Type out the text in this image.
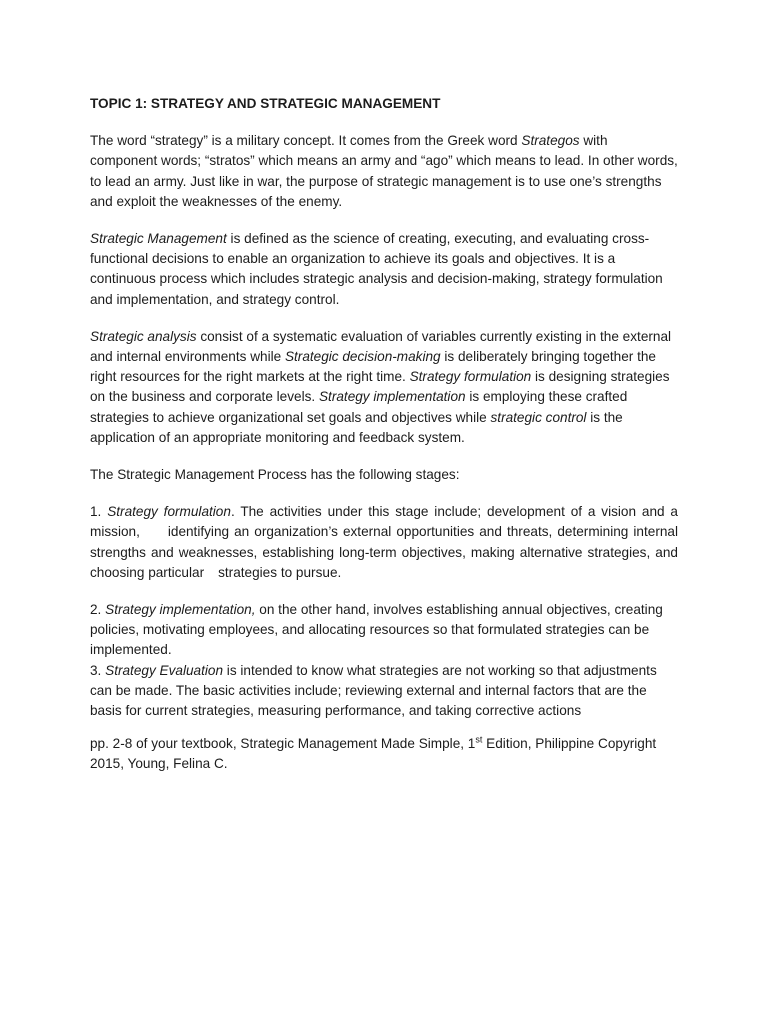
TOPIC 1: STRATEGY AND STRATEGIC MANAGEMENT

The word “strategy” is a military concept. It comes from the Greek word Strategos with component words; “stratos” which means an army and “ago” which means to lead. In other words, to lead an army. Just like in war, the purpose of strategic management is to use one’s strengths and exploit the weaknesses of the enemy.

Strategic Management is defined as the science of creating, executing, and evaluating cross-functional decisions to enable an organization to achieve its goals and objectives. It is a continuous process which includes strategic analysis and decision-making, strategy formulation and implementation, and strategy control.

Strategic analysis consist of a systematic evaluation of variables currently existing in the external and internal environments while Strategic decision-making is deliberately bringing together the right resources for the right markets at the right time. Strategy formulation is designing strategies on the business and corporate levels. Strategy implementation is employing these crafted strategies to achieve organizational set goals and objectives while strategic control is the application of an appropriate monitoring and feedback system.

The Strategic Management Process has the following stages:

1. Strategy formulation. The activities under this stage include; development of a vision and a mission, identifying an organization’s external opportunities and threats, determining internal strengths and weaknesses, establishing long-term objectives, making alternative strategies, and choosing particular strategies to pursue.

2. Strategy implementation, on the other hand, involves establishing annual objectives, creating policies, motivating employees, and allocating resources so that formulated strategies can be implemented.

3. Strategy Evaluation is intended to know what strategies are not working so that adjustments can be made. The basic activities include; reviewing external and internal factors that are the basis for current strategies, measuring performance, and taking corrective actions

pp. 2-8 of your textbook, Strategic Management Made Simple, 1st Edition, Philippine Copyright 2015, Young, Felina C.
